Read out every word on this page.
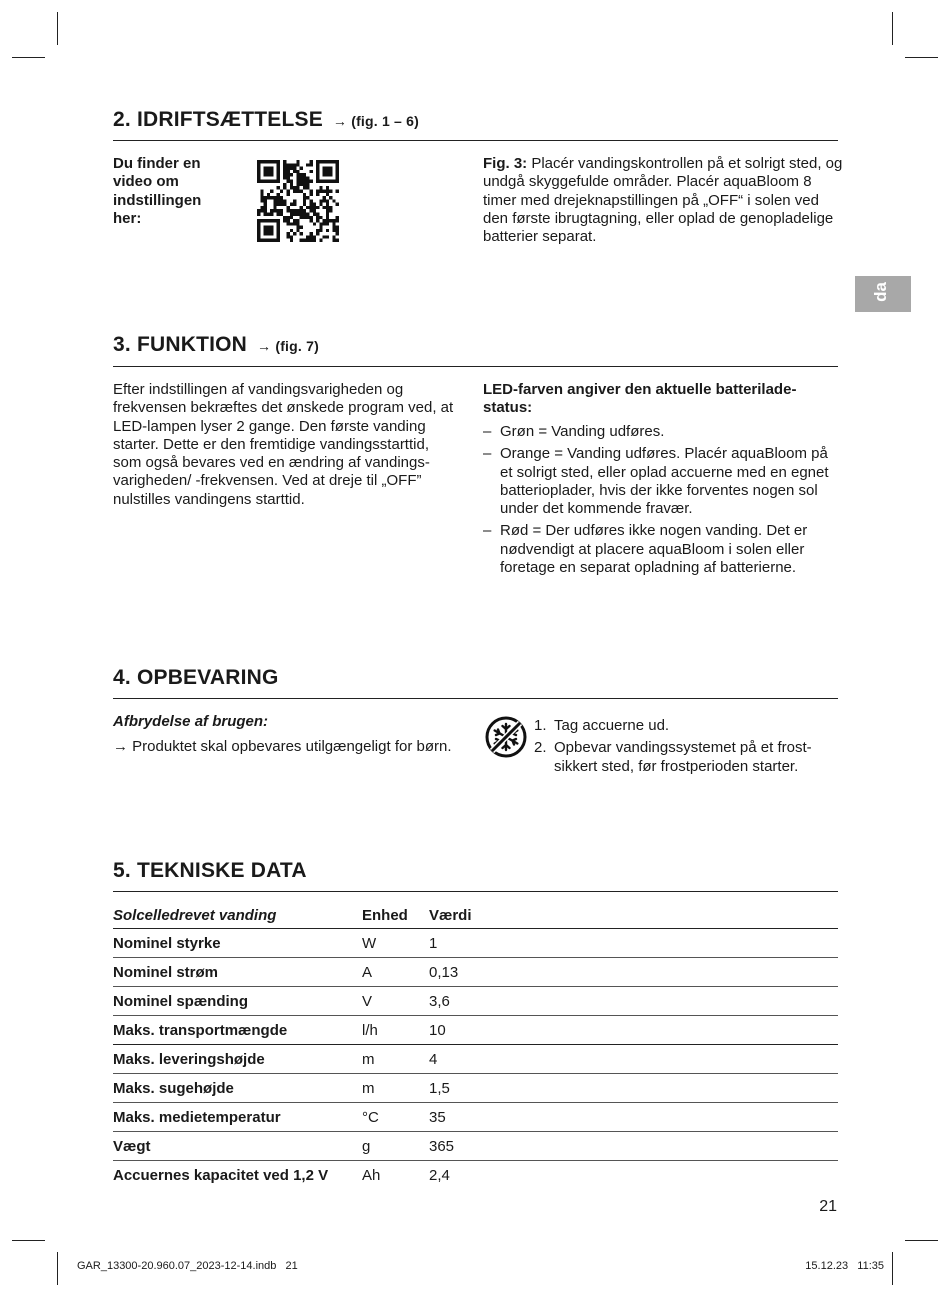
da
2. IDRIFTSÆTTELSE → (fig. 1 – 6)

Du finder en video om indstillingen her:

Fig. 3: Placér vandingskontrollen på et solrigt sted, og undgå skyggefulde områder. Placér aquaBloom 8 timer med drejeknapstillingen på „OFF“ i solen ved den første ibrugtagning, eller oplad de genopladelige batterier separat.

3. FUNKTION → (fig. 7)

Efter indstillingen af vandingsvarigheden og frekvensen bekræftes det ønskede program ved, at LED-lampen lyser 2 gange. Den første vanding starter. Dette er den fremtidige vandingsstarttid, som også bevares ved en ændring af vandingsvarigheden/ -frekvensen. Ved at dreje til „OFF” nulstilles vandingens starttid.

LED-farven angiver den aktuelle batteriladestatus:

– Grøn = Vanding udføres.
– Orange = Vanding udføres. Placér aquaBloom på et solrigt sted, eller oplad accuerne med en egnet batterioplader, hvis der ikke forventes nogen sol under det kommende fravær.
– Rød = Der udføres ikke nogen vanding. Det er nødvendigt at placere aquaBloom i solen eller foretage en separat opladning af batterierne.
4. OPBEVARING

Afbrydelse af brugen:

→ Produktet skal opbevares utilgængeligt for børn.

1. Tag accuerne ud.
2. Opbevar vandingssystemet på et frostsikkert sted, før frostperioden starter.
5. TEKNISKE DATA
Solcelledrevet vanding	Enhed	Værdi
Nominel styrke	W	1
Nominel strøm	A	0,13
Nominel spænding	V	3,6
Maks. transportmængde	l/h	10
Maks. leveringshøjde	m	4
Maks. sugehøjde	m	1,5
Maks. medietemperatur	°C	35
Vægt	g	365
Accuernes kapacitet ved 1,2 V	Ah	2,4
21
GAR_13300-20.960.07_2023-12-14.indb   21	15.12.23   11:35
